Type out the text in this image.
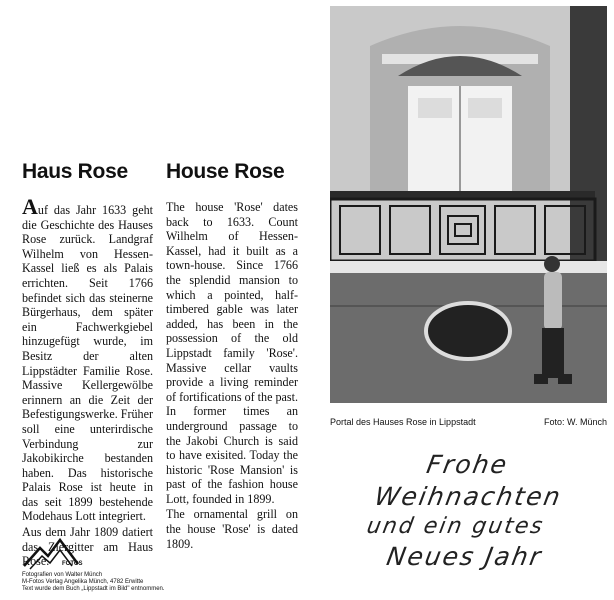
Haus Rose

Auf das Jahr 1633 geht die Geschichte des Hauses Rose zurück. Landgraf Wilhelm von Hessen-Kassel ließ es als Palais errichten. Seit 1766 befindet sich das steinerne Bürgerhaus, dem später ein Fachwerkgiebel hinzugefügt wurde, im Besitz der alten Lippstädter Familie Rose. Massive Kellergewölbe erinnern an die Zeit der Befestigungswerke. Früher soll eine unterirdische Verbindung zur Jakobikirche bestanden haben. Das historische Palais Rose ist heute in das seit 1899 bestehende Modehaus Lott integriert.

Aus dem Jahr 1809 datiert das Ziergitter am Haus Rose.

House Rose

The house 'Rose' dates back to 1633. Count Wilhelm of Hessen-Kassel, had it built as a town-house. Since 1766 the splendid mansion to which a pointed, half-timbered gable was later added, has been in the possession of the old Lippstadt family 'Rose'. Massive cellar vaults provide a living reminder of fortifications of the past. In former times an underground passage to the Jakobi Church is said to have exisited. Today the historic 'Rose Mansion' is past of the fashion house Lott, founded in 1899.

The ornamental grill on the house 'Rose' is dated 1809.

Portal des Hauses Rose in Lippstadt	Foto: W. Münch
Frohe
Weihnachten
und ein gutes
Neues Jahr
FOTOS
Fotografien von Walter Münch
M-Fotos Verlag Angelika Münch, 4782 Erwitte
Text wurde dem Buch „Lippstadt im Bild" entnommen.
